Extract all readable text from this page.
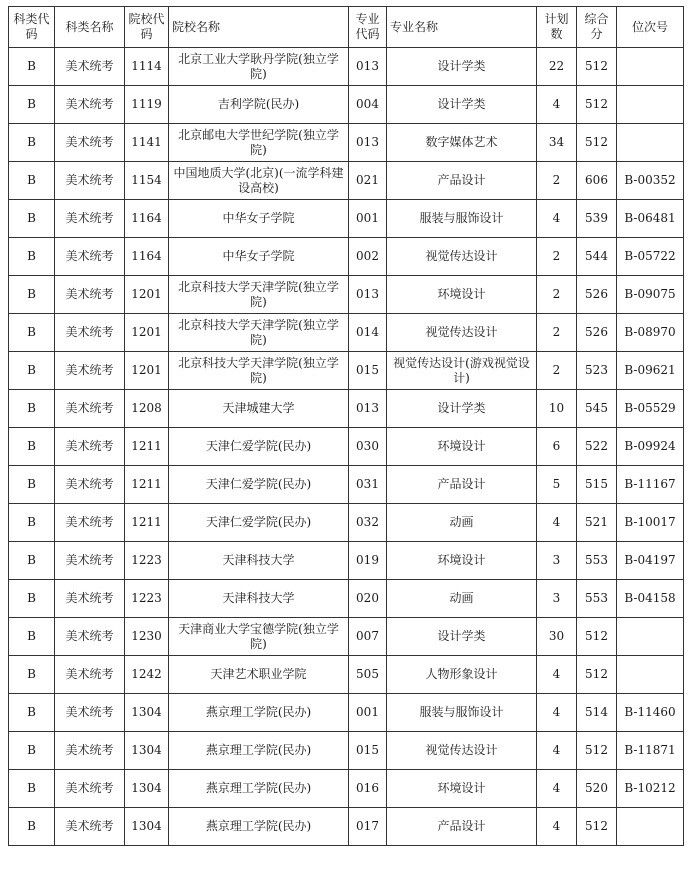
科类代码	科类名称	院校代码	院校名称	专业代码	专业名称	计划数	综合分	位次号
B	美术统考	1114	北京工业大学耿丹学院(独立学院)	013	设计学类	22	512	
B	美术统考	1119	吉利学院(民办)	004	设计学类	4	512	
B	美术统考	1141	北京邮电大学世纪学院(独立学院)	013	数字媒体艺术	34	512	
B	美术统考	1154	中国地质大学(北京)(一流学科建设高校)	021	产品设计	2	606	B-00352
B	美术统考	1164	中华女子学院	001	服装与服饰设计	4	539	B-06481
B	美术统考	1164	中华女子学院	002	视觉传达设计	2	544	B-05722
B	美术统考	1201	北京科技大学天津学院(独立学院)	013	环境设计	2	526	B-09075
B	美术统考	1201	北京科技大学天津学院(独立学院)	014	视觉传达设计	2	526	B-08970
B	美术统考	1201	北京科技大学天津学院(独立学院)	015	视觉传达设计(游戏视觉设计)	2	523	B-09621
B	美术统考	1208	天津城建大学	013	设计学类	10	545	B-05529
B	美术统考	1211	天津仁爱学院(民办)	030	环境设计	6	522	B-09924
B	美术统考	1211	天津仁爱学院(民办)	031	产品设计	5	515	B-11167
B	美术统考	1211	天津仁爱学院(民办)	032	动画	4	521	B-10017
B	美术统考	1223	天津科技大学	019	环境设计	3	553	B-04197
B	美术统考	1223	天津科技大学	020	动画	3	553	B-04158
B	美术统考	1230	天津商业大学宝德学院(独立学院)	007	设计学类	30	512	
B	美术统考	1242	天津艺术职业学院	505	人物形象设计	4	512	
B	美术统考	1304	燕京理工学院(民办)	001	服装与服饰设计	4	514	B-11460
B	美术统考	1304	燕京理工学院(民办)	015	视觉传达设计	4	512	B-11871
B	美术统考	1304	燕京理工学院(民办)	016	环境设计	4	520	B-10212
B	美术统考	1304	燕京理工学院(民办)	017	产品设计	4	512	
